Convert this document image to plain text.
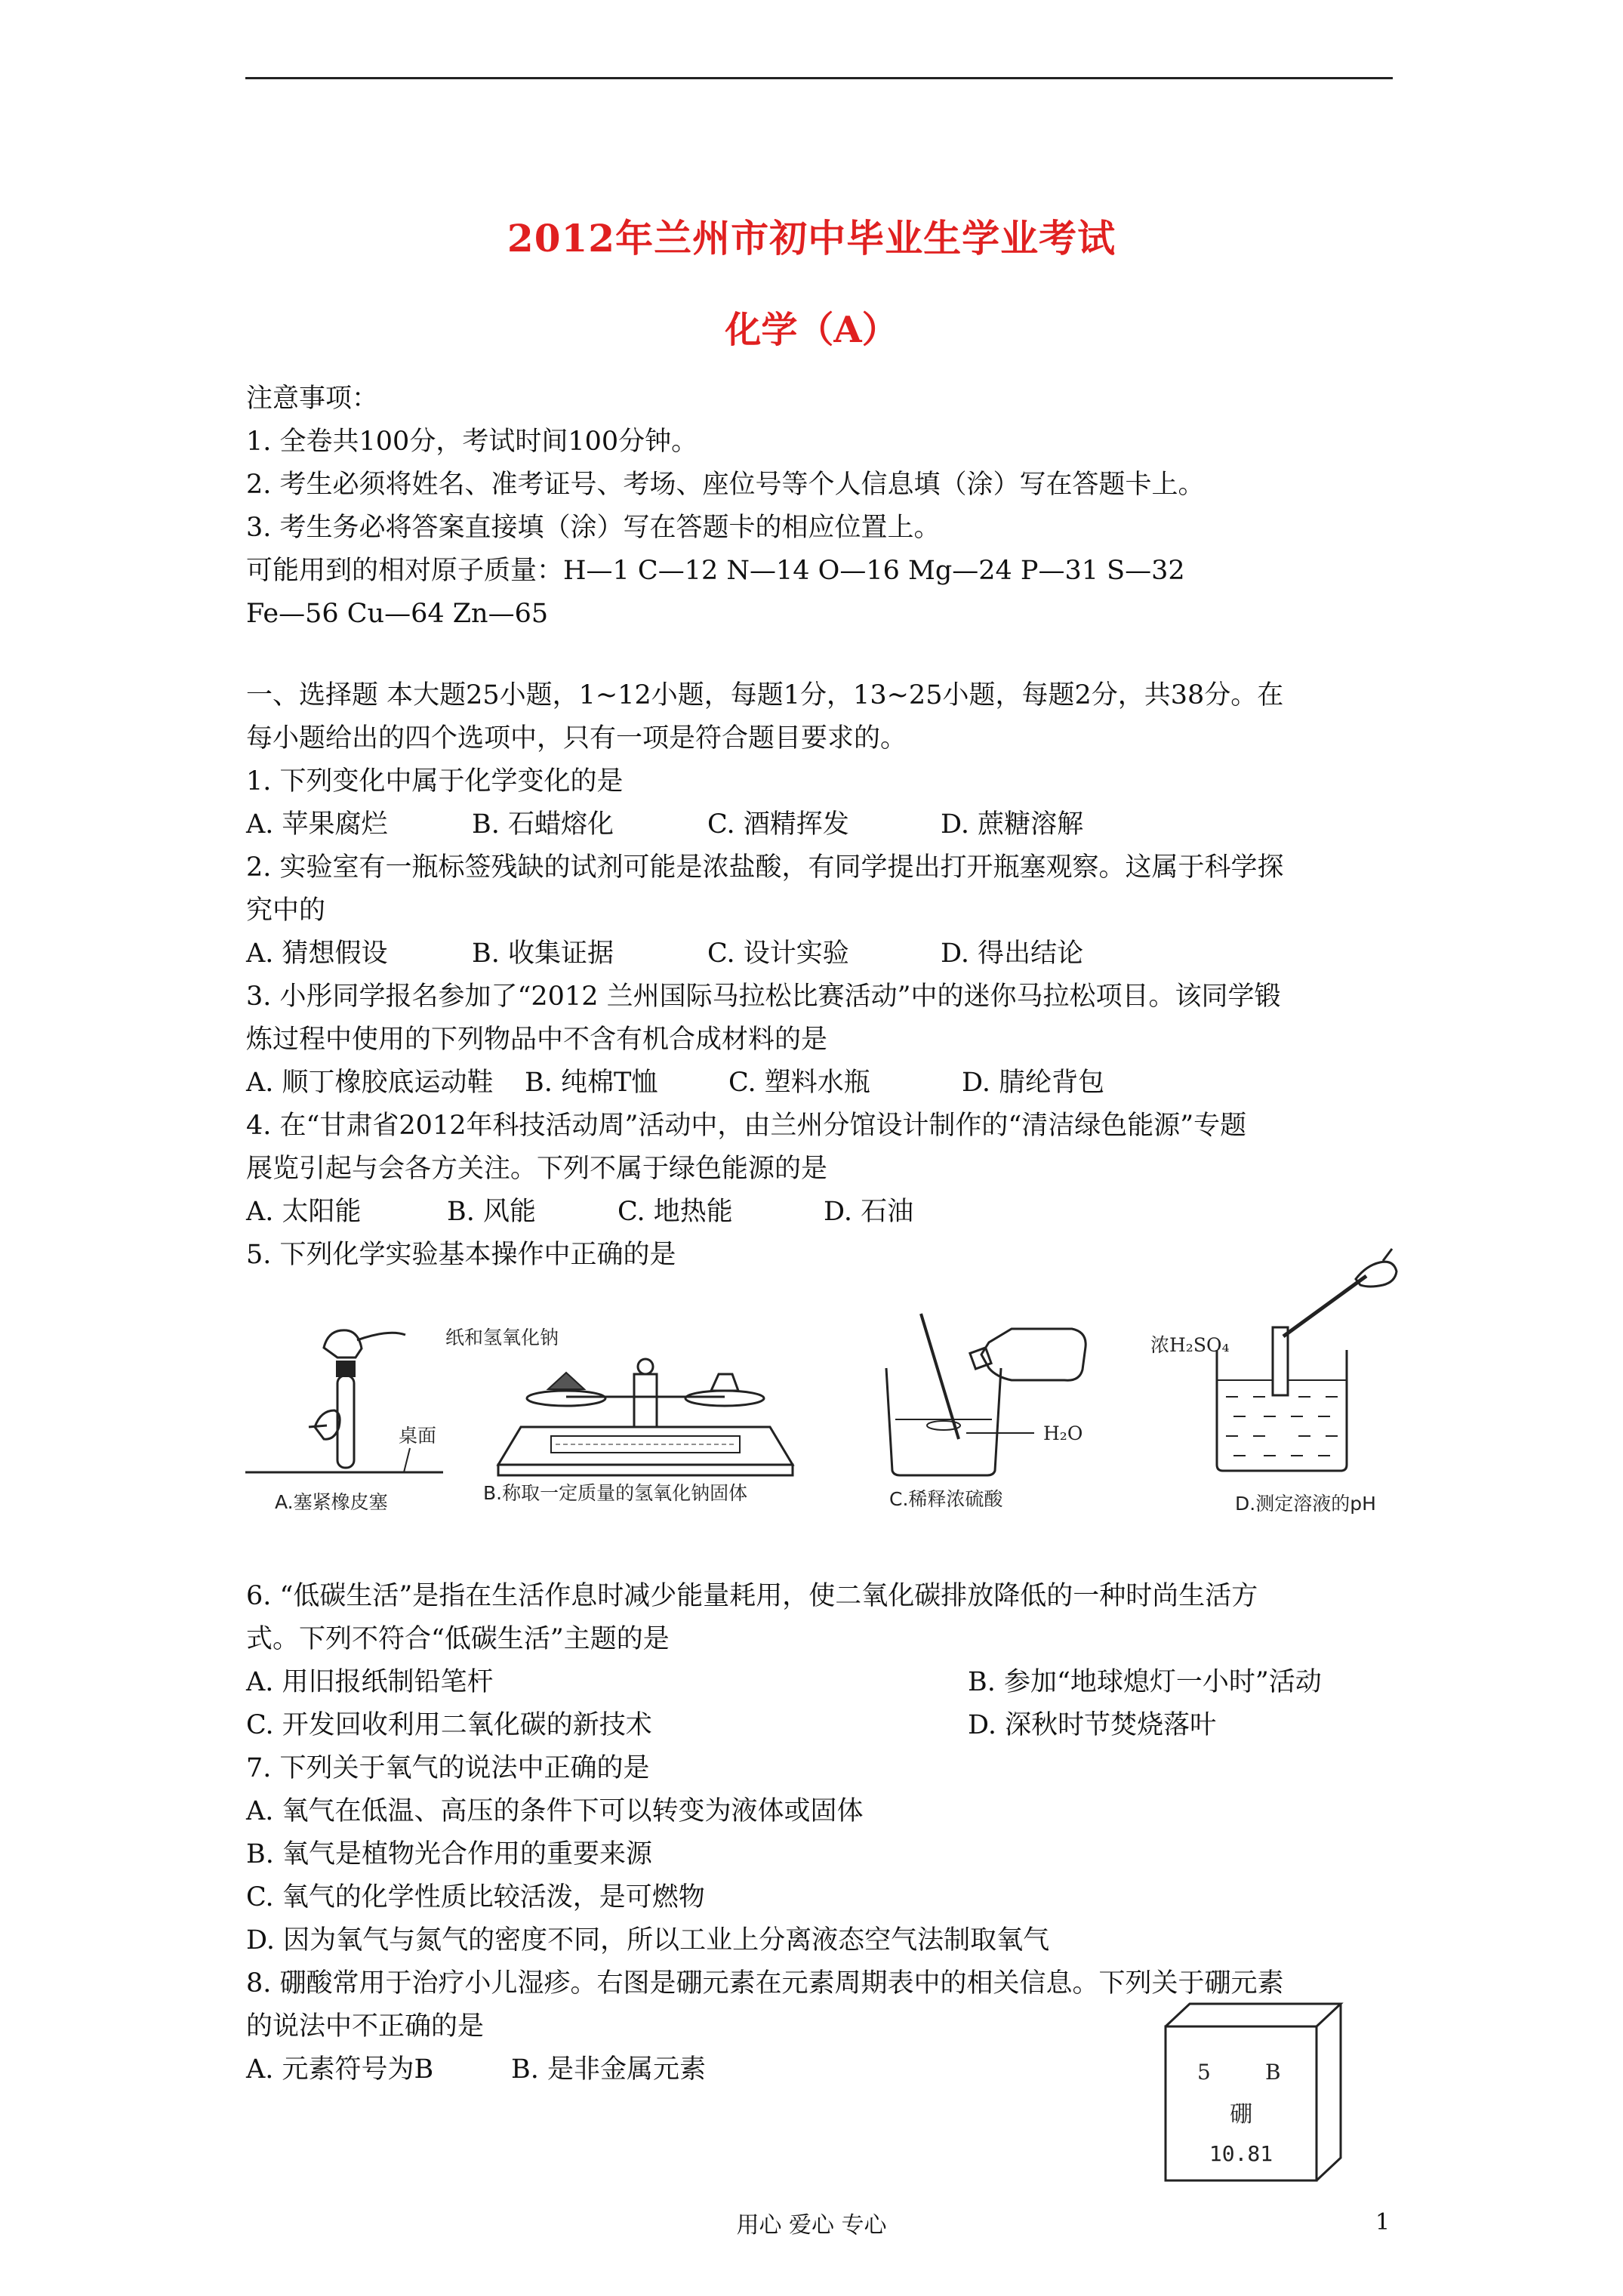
2012年兰州市初中毕业生学业考试
化学（A）
注意事项：
1. 全卷共100分，考试时间100分钟。
2. 考生必须将姓名、准考证号、考场、座位号等个人信息填（涂）写在答题卡上。
3. 考生务必将答案直接填（涂）写在答题卡的相应位置上。
可能用到的相对原子质量：H—1 C—12 N—14 O—16 Mg—24 P—31 S—32
Fe—56 Cu—64 Zn—65
一、选择题 本大题25小题，1~12小题，每题1分，13~25小题，每题2分，共38分。在
每小题给出的四个选项中，只有一项是符合题目要求的。
1. 下列变化中属于化学变化的是
A. 苹果腐烂	B. 石蜡熔化	C. 酒精挥发	D. 蔗糖溶解
2. 实验室有一瓶标签残缺的试剂可能是浓盐酸，有同学提出打开瓶塞观察。这属于科学探
究中的
A. 猜想假设	B. 收集证据	C. 设计实验	D. 得出结论
3. 小彤同学报名参加了“2012 兰州国际马拉松比赛活动”中的迷你马拉松项目。该同学锻
炼过程中使用的下列物品中不含有机合成材料的是
A. 顺丁橡胶底运动鞋 B. 纯棉T恤	C. 塑料水瓶	D. 腈纶背包
4. 在“甘肃省2012年科技活动周”活动中，由兰州分馆设计制作的“清洁绿色能源”专题
展览引起与会各方关注。下列不属于绿色能源的是
A. 太阳能	B. 风能	C. 地热能	D. 石油
5. 下列化学实验基本操作中正确的是
桌面
A.塞紧橡皮塞
纸和氢氧化钠
B.称取一定质量的氢氧化钠固体
浓H₂SO₄
H₂O
C.稀释浓硫酸	D.测定溶液的pH
6. “低碳生活”是指在生活作息时减少能量耗用，使二氧化碳排放降低的一种时尚生活方
式。下列不符合“低碳生活”主题的是
A. 用旧报纸制铅笔杆	B. 参加“地球熄灯一小时”活动
C. 开发回收利用二氧化碳的新技术	D. 深秋时节焚烧落叶
7. 下列关于氧气的说法中正确的是
A. 氧气在低温、高压的条件下可以转变为液体或固体
B. 氧气是植物光合作用的重要来源
C. 氧气的化学性质比较活泼，是可燃物
D. 因为氧气与氮气的密度不同，所以工业上分离液态空气法制取氧气
8. 硼酸常用于治疗小儿湿疹。右图是硼元素在元素周期表中的相关信息。下列关于硼元素
的说法中不正确的是
A. 元素符号为B	B. 是非金属元素	5	B
硼
10.81
用心 爱心 专心	1
